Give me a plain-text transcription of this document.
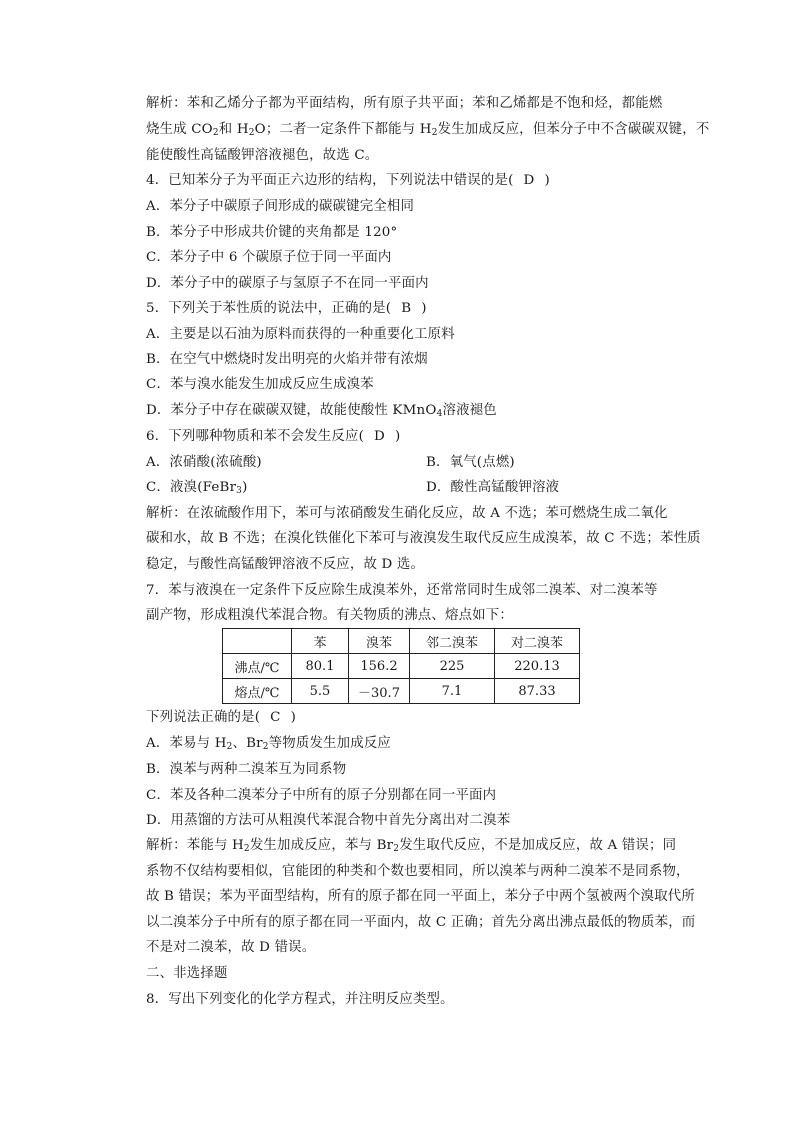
解析：苯和乙烯分子都为平面结构，所有原子共平面；苯和乙烯都是不饱和烃，都能燃
烧生成 $CO_2$和 $H_2O$；二者一定条件下都能与 $H_2$发生加成反应，但苯分子中不含碳碳双键，不
能使酸性高锰酸钾溶液褪色，故选 C。
4．已知苯分子为平面正六边形的结构，下列说法中错误的是( D )
A．苯分子中碳原子间形成的碳碳键完全相同
B．苯分子中形成共价键的夹角都是 120°
C．苯分子中 6 个碳原子位于同一平面内
D．苯分子中的碳原子与氢原子不在同一平面内
5．下列关于苯性质的说法中，正确的是( B )
A．主要是以石油为原料而获得的一种重要化工原料
B．在空气中燃烧时发出明亮的火焰并带有浓烟
C．苯与溴水能发生加成反应生成溴苯
D．苯分子中存在碳碳双键，故能使酸性 KMnO$_4$溶液褪色
6．下列哪种物质和苯不会发生反应( D )
A．浓硝酸(浓硫酸)	B．氧气(点燃)
C．液溴(FeBr$_3$)	D．酸性高锰酸钾溶液
解析：在浓硫酸作用下，苯可与浓硝酸发生硝化反应，故 A 不选；苯可燃烧生成二氧化
碳和水，故 B 不选；在溴化铁催化下苯可与液溴发生取代反应生成溴苯，故 C 不选；苯性质
稳定，与酸性高锰酸钾溶液不反应，故 D 选。
7．苯与液溴在一定条件下反应除生成溴苯外，还常常同时生成邻二溴苯、对二溴苯等
副产物，形成粗溴代苯混合物。有关物质的沸点、熔点如下：
	苯	溴苯	邻二溴苯	对二溴苯
沸点/℃	80.1	156.2	225	220.13
熔点/℃	5.5	－30.7	7.1	87.33
下列说法正确的是( C )
A．苯易与 $H_2$、$Br_2$等物质发生加成反应
B．溴苯与两种二溴苯互为同系物
C．苯及各种二溴苯分子中所有的原子分别都在同一平面内
D．用蒸馏的方法可从粗溴代苯混合物中首先分离出对二溴苯
解析：苯能与 $H_2$发生加成反应，苯与 $Br_2$发生取代反应，不是加成反应，故 A 错误；同
系物不仅结构要相似，官能团的种类和个数也要相同，所以溴苯与两种二溴苯不是同系物，
故 B 错误；苯为平面型结构，所有的原子都在同一平面上，苯分子中两个氢被两个溴取代所
以二溴苯分子中所有的原子都在同一平面内，故 C 正确；首先分离出沸点最低的物质苯，而
不是对二溴苯，故 D 错误。
二、非选择题
8．写出下列变化的化学方程式，并注明反应类型。
